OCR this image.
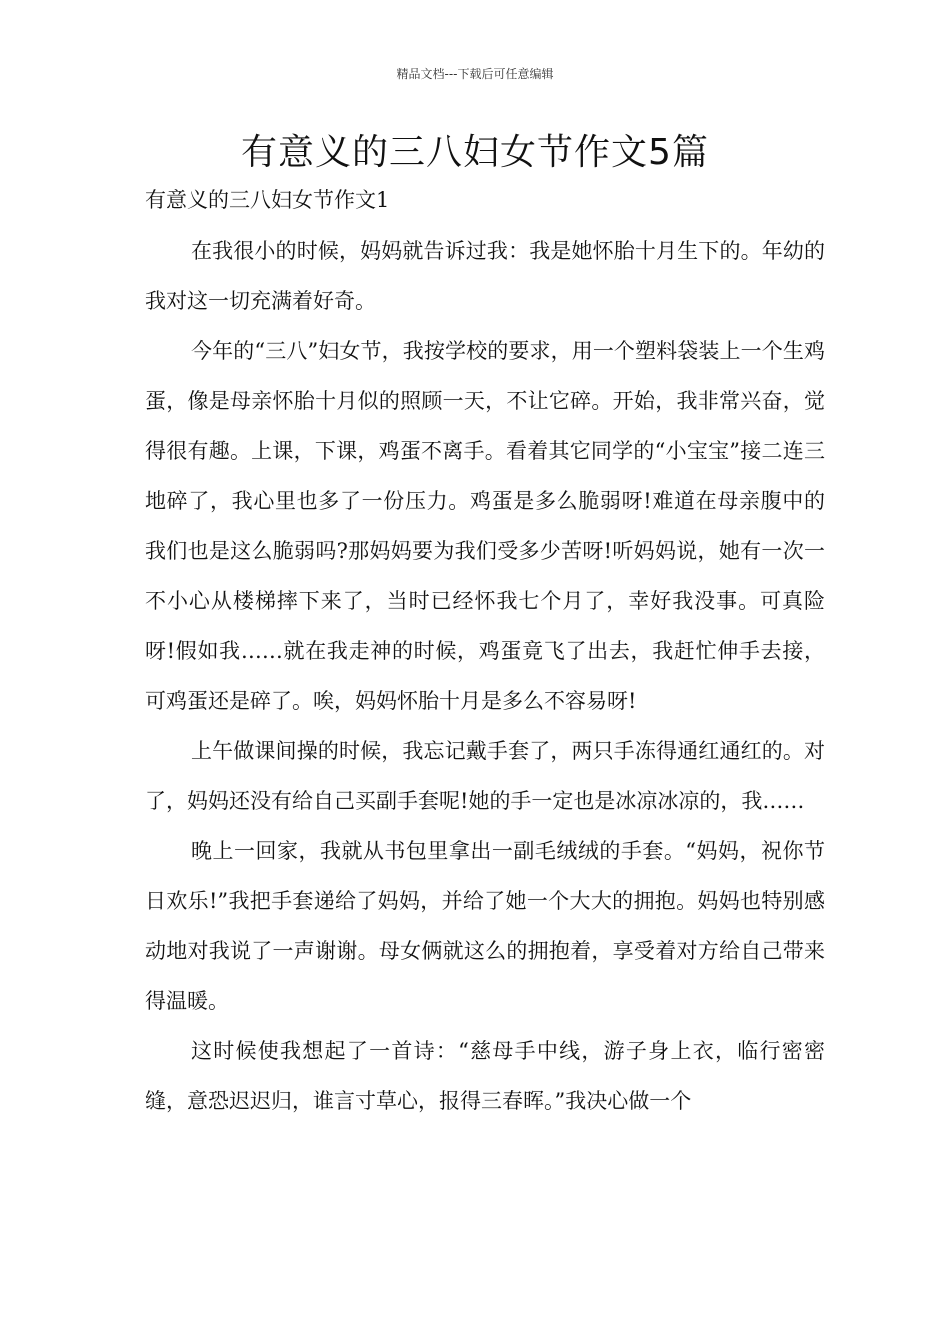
精品文档---下载后可任意编辑
有意义的三八妇女节作文5篇
有意义的三八妇女节作文1

在我很小的时候，妈妈就告诉过我：我是她怀胎十月生下的。年幼的我对这一切充满着好奇。

今年的“三八”妇女节，我按学校的要求，用一个塑料袋装上一个生鸡蛋，像是母亲怀胎十月似的照顾一天，不让它碎。开始，我非常兴奋，觉得很有趣。上课，下课，鸡蛋不离手。看着其它同学的“小宝宝”接二连三地碎了，我心里也多了一份压力。鸡蛋是多么脆弱呀!难道在母亲腹中的我们也是这么脆弱吗?那妈妈要为我们受多少苦呀!听妈妈说，她有一次一不小心从楼梯摔下来了，当时已经怀我七个月了，幸好我没事。可真险呀!假如我……就在我走神的时候，鸡蛋竟飞了出去，我赶忙伸手去接，可鸡蛋还是碎了。唉，妈妈怀胎十月是多么不容易呀!

上午做课间操的时候，我忘记戴手套了，两只手冻得通红通红的。对了，妈妈还没有给自己买副手套呢!她的手一定也是冰凉冰凉的，我……

晚上一回家，我就从书包里拿出一副毛绒绒的手套。“妈妈，祝你节日欢乐!”我把手套递给了妈妈，并给了她一个大大的拥抱。妈妈也特别感动地对我说了一声谢谢。母女俩就这么的拥抱着，享受着对方给自己带来得温暖。

这时候使我想起了一首诗：“慈母手中线，游子身上衣，临行密密缝，意恐迟迟归，谁言寸草心，报得三春晖。”我决心做一个
